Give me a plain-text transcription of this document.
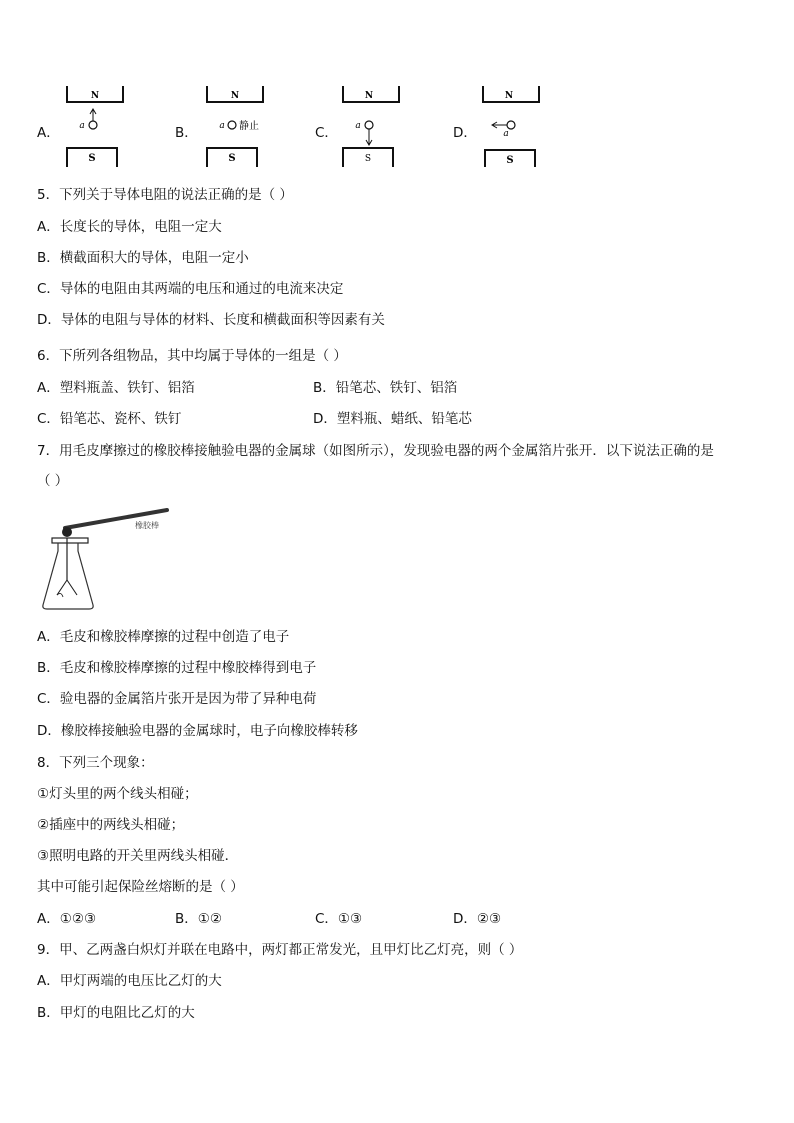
A．
N
a
S
B．
N
a 静止
S
C．
N
a
S
D．
N
a
S
5．下列关于导体电阻的说法正确的是（ ）
A．长度长的导体，电阻一定大
B．横截面积大的导体，电阻一定小
C．导体的电阻由其两端的电压和通过的电流来决定
D．导体的电阻与导体的材料、长度和横截面积等因素有关
6．下所列各组物品，其中均属于导体的一组是（ ）
A．塑料瓶盖、铁钉、铝箔	B．铅笔芯、铁钉、铝箔
C．铅笔芯、瓷杯、铁钉	D．塑料瓶、蜡纸、铅笔芯
7．用毛皮摩擦过的橡胶棒接触验电器的金属球（如图所示），发现验电器的两个金属箔片张开．以下说法正确的是
（ ）
橡胶棒
A．毛皮和橡胶棒摩擦的过程中创造了电子
B．毛皮和橡胶棒摩擦的过程中橡胶棒得到电子
C．验电器的金属箔片张开是因为带了异种电荷
D．橡胶棒接触验电器的金属球时，电子向橡胶棒转移
8．下列三个现象：
①灯头里的两个线头相碰；
②插座中的两线头相碰；
③照明电路的开关里两线头相碰．
其中可能引起保险丝熔断的是（ ）
A．①②③	B．①②	C．①③	D．②③
9．甲、乙两盏白炽灯并联在电路中，两灯都正常发光，且甲灯比乙灯亮，则（ ）
A．甲灯两端的电压比乙灯的大
B．甲灯的电阻比乙灯的大
